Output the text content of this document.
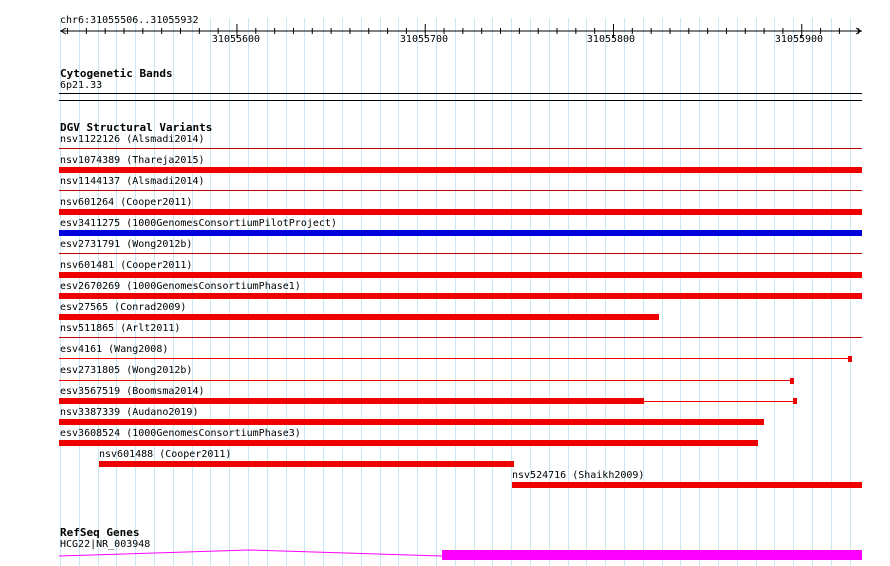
chr6:31055506..31055932
31055600	31055700	31055800	31055900
Cytogenetic Bands
6p21.33
DGV Structural Variants
nsv1122126 (Alsmadi2014)
nsv1074389 (Thareja2015)
nsv1144137 (Alsmadi2014)
nsv601264 (Cooper2011)
esv3411275 (1000GenomesConsortiumPilotProject)
esv2731791 (Wong2012b)
nsv601481 (Cooper2011)
esv2670269 (1000GenomesConsortiumPhase1)
esv27565 (Conrad2009)
nsv511865 (Arlt2011)
esv4161 (Wang2008)
esv2731805 (Wong2012b)
esv3567519 (Boomsma2014)
nsv3387339 (Audano2019)
esv3608524 (1000GenomesConsortiumPhase3)
nsv601488 (Cooper2011)
nsv524716 (Shaikh2009)
RefSeq Genes
HCG22|NR_003948
